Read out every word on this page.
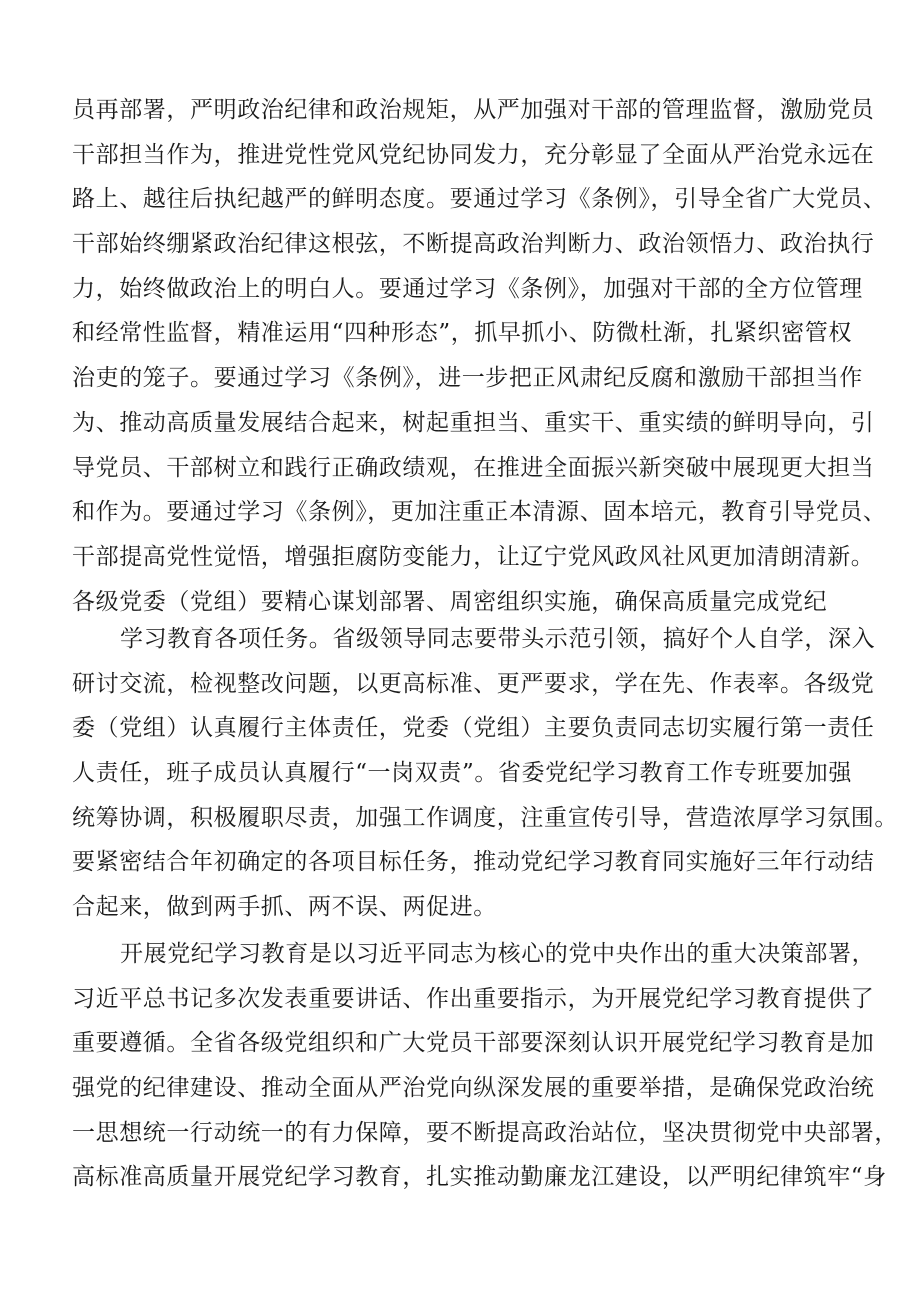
员再部署，严明政治纪律和政治规矩，从严加强对干部的管理监督，激励党员
干部担当作为，推进党性党风党纪协同发力，充分彰显了全面从严治党永远在
路上、越往后执纪越严的鲜明态度。要通过学习《条例》，引导全省广大党员、
干部始终绷紧政治纪律这根弦，不断提高政治判断力、政治领悟力、政治执行
力，始终做政治上的明白人。要通过学习《条例》，加强对干部的全方位管理
和经常性监督，精准运用“四种形态”，抓早抓小、防微杜渐，扎紧织密管权
治吏的笼子。要通过学习《条例》，进一步把正风肃纪反腐和激励干部担当作
为、推动高质量发展结合起来，树起重担当、重实干、重实绩的鲜明导向，引
导党员、干部树立和践行正确政绩观，在推进全面振兴新突破中展现更大担当
和作为。要通过学习《条例》，更加注重正本清源、固本培元，教育引导党员、
干部提高党性觉悟，增强拒腐防变能力，让辽宁党风政风社风更加清朗清新。
各级党委（党组）要精心谋划部署、周密组织实施，确保高质量完成党纪
学习教育各项任务。省级领导同志要带头示范引领，搞好个人自学，深入
研讨交流，检视整改问题，以更高标准、更严要求，学在先、作表率。各级党
委（党组）认真履行主体责任，党委（党组）主要负责同志切实履行第一责任
人责任，班子成员认真履行“一岗双责”。省委党纪学习教育工作专班要加强
统筹协调，积极履职尽责，加强工作调度，注重宣传引导，营造浓厚学习氛围。
要紧密结合年初确定的各项目标任务，推动党纪学习教育同实施好三年行动结
合起来，做到两手抓、两不误、两促进。
开展党纪学习教育是以习近平同志为核心的党中央作出的重大决策部署，
习近平总书记多次发表重要讲话、作出重要指示，为开展党纪学习教育提供了
重要遵循。全省各级党组织和广大党员干部要深刻认识开展党纪学习教育是加
强党的纪律建设、推动全面从严治党向纵深发展的重要举措，是确保党政治统
一思想统一行动统一的有力保障，要不断提高政治站位，坚决贯彻党中央部署，
高标准高质量开展党纪学习教育，扎实推动勤廉龙江建设，以严明纪律筑牢“身
